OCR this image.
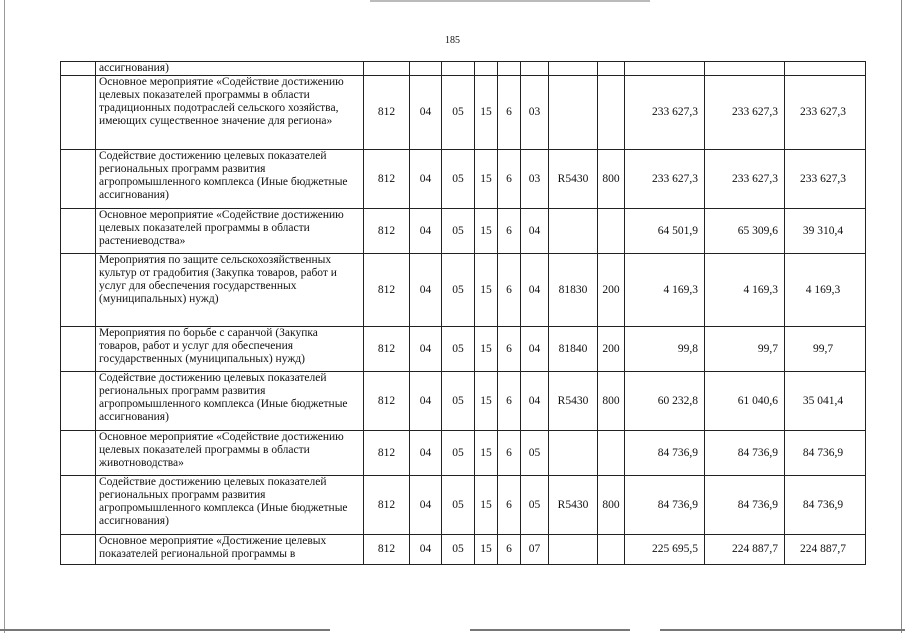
185
	ассигнования)											
	Основное мероприятие «Содействие достижению целевых показателей программы в области традиционных подотраслей сельского хозяйства, имеющих существенное значение для региона»	812	04	05	15	6	03			233 627,3	233 627,3	233 627,3
	Содействие достижению целевых показателей региональных программ развития агропромышленного комплекса (Иные бюджетные ассигнования)	812	04	05	15	6	03	R5430	800	233 627,3	233 627,3	233 627,3
	Основное мероприятие «Содействие достижению целевых показателей программы в области растениеводства»	812	04	05	15	6	04			64 501,9	65 309,6	39 310,4
	Мероприятия по защите сельскохозяйственных культур от градобития (Закупка товаров, работ и услуг для обеспечения государственных (муниципальных) нужд)	812	04	05	15	6	04	81830	200	4 169,3	4 169,3	4 169,3
	Мероприятия по борьбе с саранчой (Закупка товаров, работ и услуг для обеспечения государственных (муниципальных) нужд)	812	04	05	15	6	04	81840	200	99,8	99,7	99,7
	Содействие достижению целевых показателей региональных программ развития агропромышленного комплекса (Иные бюджетные ассигнования)	812	04	05	15	6	04	R5430	800	60 232,8	61 040,6	35 041,4
	Основное мероприятие «Содействие достижению целевых показателей программы в области животноводства»	812	04	05	15	6	05			84 736,9	84 736,9	84 736,9
	Содействие достижению целевых показателей региональных программ развития агропромышленного комплекса (Иные бюджетные ассигнования)	812	04	05	15	6	05	R5430	800	84 736,9	84 736,9	84 736,9
	Основное мероприятие «Достижение целевых показателей региональной программы в	812	04	05	15	6	07			225 695,5	224 887,7	224 887,7
